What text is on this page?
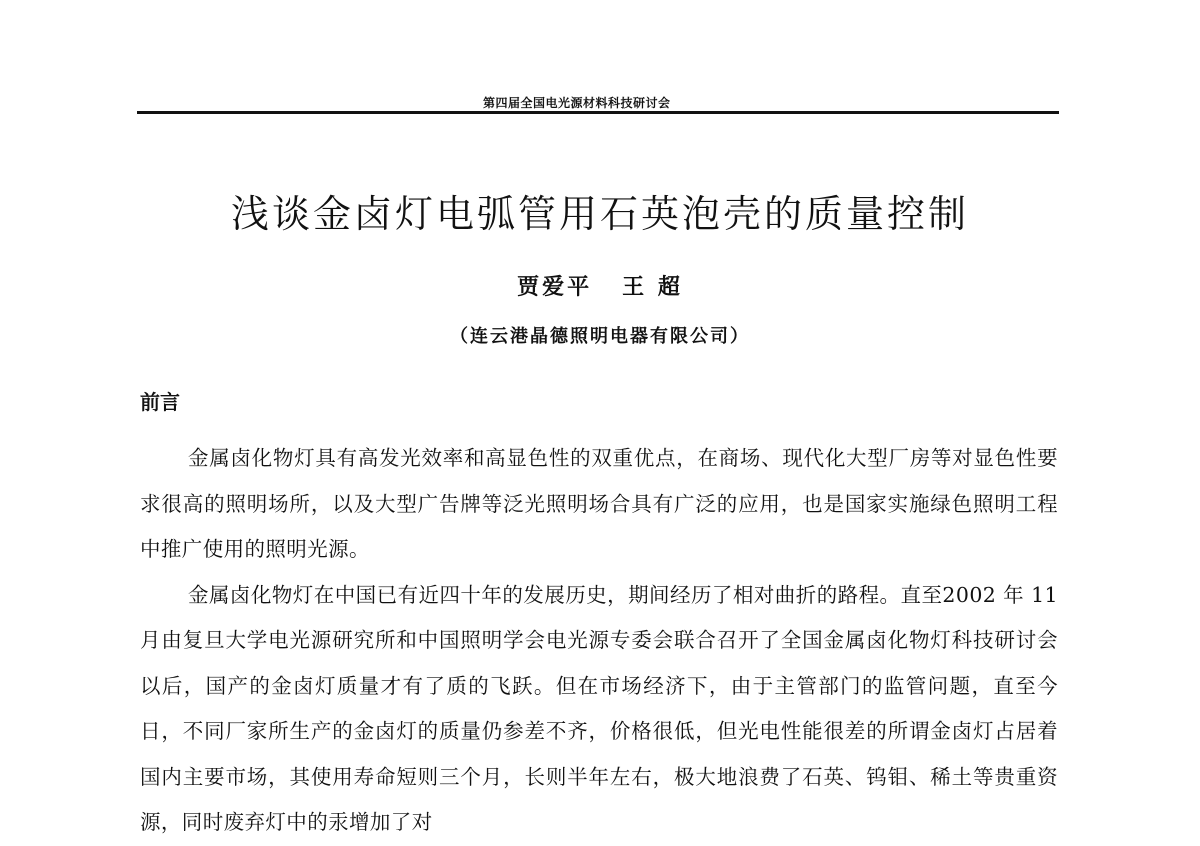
第四届全国电光源材料科技研讨会
浅谈金卤灯电弧管用石英泡壳的质量控制
贾爱平 王 超
（连云港晶德照明电器有限公司）
前言

金属卤化物灯具有高发光效率和高显色性的双重优点，在商场、现代化大型厂房等对显色性要求很高的照明场所，以及大型广告牌等泛光照明场合具有广泛的应用，也是国家实施绿色照明工程中推广使用的照明光源。

金属卤化物灯在中国已有近四十年的发展历史，期间经历了相对曲折的路程。直至2002 年 11 月由复旦大学电光源研究所和中国照明学会电光源专委会联合召开了全国金属卤化物灯科技研讨会以后，国产的金卤灯质量才有了质的飞跃。但在市场经济下，由于主管部门的监管问题，直至今日，不同厂家所生产的金卤灯的质量仍参差不齐，价格很低，但光电性能很差的所谓金卤灯占居着国内主要市场，其使用寿命短则三个月，长则半年左右，极大地浪费了石英、钨钼、稀土等贵重资源，同时废弃灯中的汞增加了对
